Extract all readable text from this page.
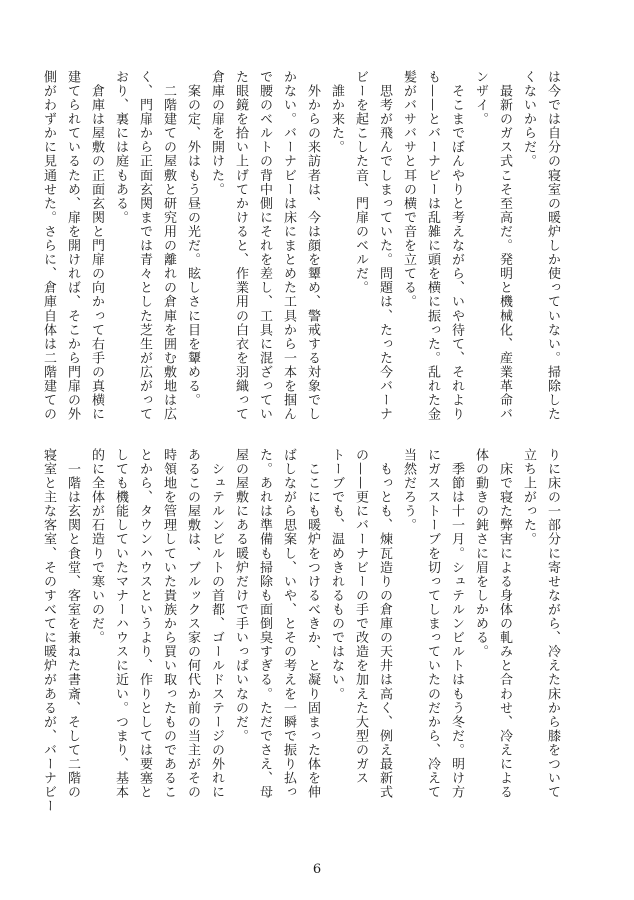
は今では自分の寝室の暖炉しか使っていない。掃除した
くないからだ。
　最新のガス式こそ至高だ。発明と機械化、産業革命バ
ンザイ。
　そこまでぼんやりと考えながら、いや待て、それより
も——とバーナビーは乱雑に頭を横に振った。乱れた金
髪がバサバサと耳の横で音を立てる。
　思考が飛んでしまっていた。問題は、たった今バーナ
ビーを起こした音、門扉のベルだ。
　誰か来た。
　外からの来訪者は、今は顔を顰め、警戒する対象でし
かない。バーナビーは床にまとめた工具から一本を掴ん
で腰のベルトの背中側にそれを差し、工具に混ざってい
た眼鏡を拾い上げてかけると、作業用の白衣を羽織って
倉庫の扉を開けた。
　案の定、外はもう昼の光だ。眩しさに目を顰める。
　二階建ての屋敷と研究用の離れの倉庫を囲む敷地は広
く、門扉から正面玄関までは青々とした芝生が広がって
おり、裏には庭もある。
　倉庫は屋敷の正面玄関と門扉の向かって右手の真横に
建てられているため、扉を開ければ、そこから門扉の外
側がわずかに見通せた。さらに、倉庫自体は二階建ての
りに床の一部分に寄せながら、冷えた床から膝をついて
立ち上がった。
　床で寝た弊害による身体の軋みと合わせ、冷えによる
体の動きの鈍さに眉をしかめる。
　季節は十一月。シュテルンビルトはもう冬だ。明け方
にガスストーブを切ってしまっていたのだから、冷えて
当然だろう。
　もっとも、煉瓦造りの倉庫の天井は高く、例え最新式
の——更にバーナビーの手で改造を加えた大型のガス
トーブでも、温めきれるものではない。
　ここにも暖炉をつけるべきか、と凝り固まった体を伸
ばしながら思案し、いや、とその考えを一瞬で振り払っ
た。あれは準備も掃除も面倒臭すぎる。ただでさえ、母
屋の屋敷にある暖炉だけで手いっぱいなのだ。
　シュテルンビルトの首都、ゴールドステージの外れに
あるこの屋敷は、ブルックス家の何代か前の当主がその
時領地を管理していた貴族から買い取ったものであるこ
とから、タウンハウスというより、作りとしては要塞と
しても機能していたマナーハウスに近い。つまり、基本
的に全体が石造りで寒いのだ。
　一階は玄関と食堂、客室を兼ねた書斎、そして二階の
寝室と主な客室、そのすべてに暖炉があるが、バーナビー
6
